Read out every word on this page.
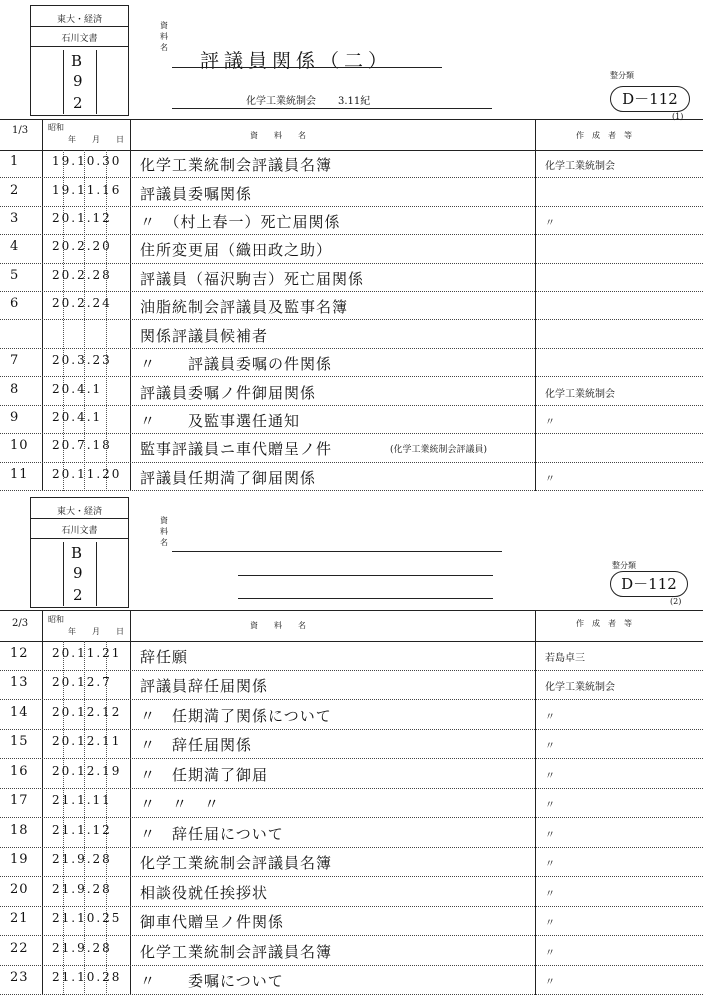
東大・経済
石川文書
B
9
2
資
料
名
評議員関係（二）
化学工業統制会 3.11紀
整分類
D－112
(1)
1/3 昭和
年 月 日	資　　料　　名	作　成　者　等
1	19.10.30 化学工業統制会評議員名簿	化学工業統制会
2	19.11.16 評議員委嘱関係
3	20.1.12 〃　（村上春一）死亡届関係	〃
4	20.2.20 住所変更届（織田政之助）
5	20.2.28 評議員（福沢駒吉）死亡届関係
6	20.2.24 油脂統制会評議員及監事名簿
関係評議員候補者
7	20.3.23 〃　　評議員委嘱の件関係
8	20.4.1	評議員委嘱ノ件御届関係	化学工業統制会
9	20.4.1	〃　　及監事選任通知	〃
10 20.7.18 監事評議員ニ車代贈呈ノ件	(化学工業統制会評議員)
11 20.11.20 評議員任期満了御届関係	〃
東大・経済
石川文書
B
9
2
資
料
名
整分類
D－112
(2)
2/3 昭和
年 月 日
資　　料　　名	作　成　者　等
12 20.11.21 辞任願	若島卓三
13 20.12.7 評議員辞任届関係	化学工業統制会
14 20.12.12 〃　任期満了関係について	〃
15 20.12.11 〃　辞任届関係	〃
16 20.12.19 〃　任期満了御届	〃
17 21.1.11 〃　〃　〃	〃
18 21.1.12 〃　辞任届について	〃
19 21.9.28 化学工業統制会評議員名簿	〃
20 21.9.28 相談役就任挨拶状	〃
21 21.10.25 御車代贈呈ノ件関係	〃
22 21.9.28 化学工業統制会評議員名簿	〃
23 21.10.28 〃　　委嘱について	〃
